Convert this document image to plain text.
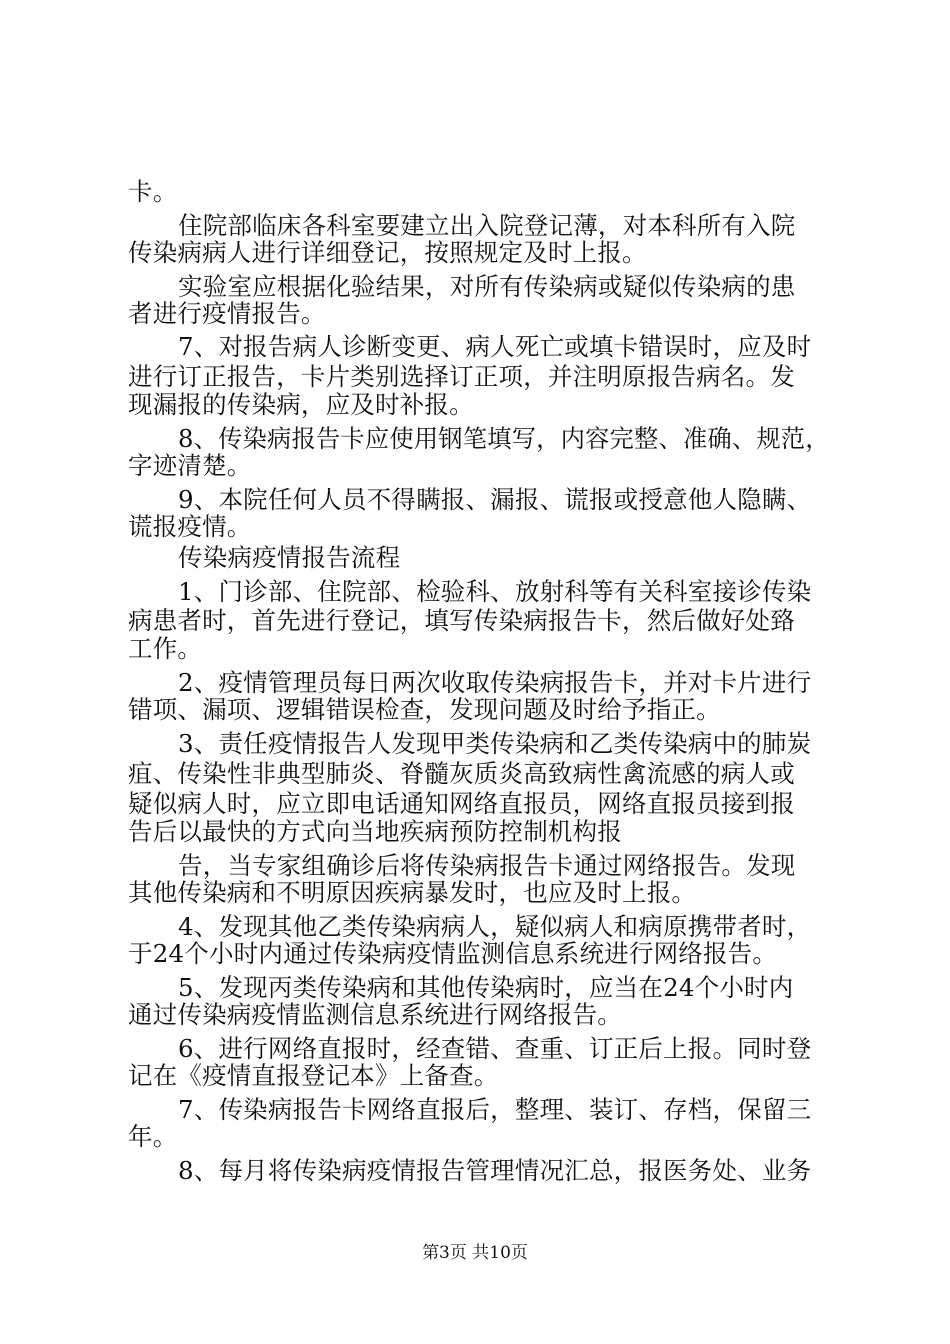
卡。
住院部临床各科室要建立出入院登记薄，对本科所有入院
传染病病人进行详细登记，按照规定及时上报。
实验室应根据化验结果，对所有传染病或疑似传染病的患
者进行疫情报告。
7、对报告病人诊断变更、病人死亡或填卡错误时，应及时
进行订正报告，卡片类别选择订正项，并注明原报告病名。发
现漏报的传染病，应及时补报。
8、传染病报告卡应使用钢笔填写，内容完整、准确、规范，
字迹清楚。
9、本院任何人员不得瞒报、漏报、谎报或授意他人隐瞒、
谎报疫情。
传染病疫情报告流程
1、门诊部、住院部、检验科、放射科等有关科室接诊传染
病患者时，首先进行登记，填写传染病报告卡，然后做好处臵
工作。
2、疫情管理员每日两次收取传染病报告卡，并对卡片进行
错项、漏项、逻辑错误检查，发现问题及时给予指正。
3、责任疫情报告人发现甲类传染病和乙类传染病中的肺炭
疽、传染性非典型肺炎、脊髓灰质炎高致病性禽流感的病人或
疑似病人时，应立即电话通知网络直报员，网络直报员接到报
告后以最快的方式向当地疾病预防控制机构报
告，当专家组确诊后将传染病报告卡通过网络报告。发现
其他传染病和不明原因疾病暴发时，也应及时上报。
4、发现其他乙类传染病病人，疑似病人和病原携带者时，
于24个小时内通过传染病疫情监测信息系统进行网络报告。
5、发现丙类传染病和其他传染病时，应当在24个小时内
通过传染病疫情监测信息系统进行网络报告。
6、进行网络直报时，经查错、查重、订正后上报。同时登
记在《疫情直报登记本》上备查。
7、传染病报告卡网络直报后，整理、装订、存档，保留三
年。
8、每月将传染病疫情报告管理情况汇总，报医务处、业务
第3页 共10页
